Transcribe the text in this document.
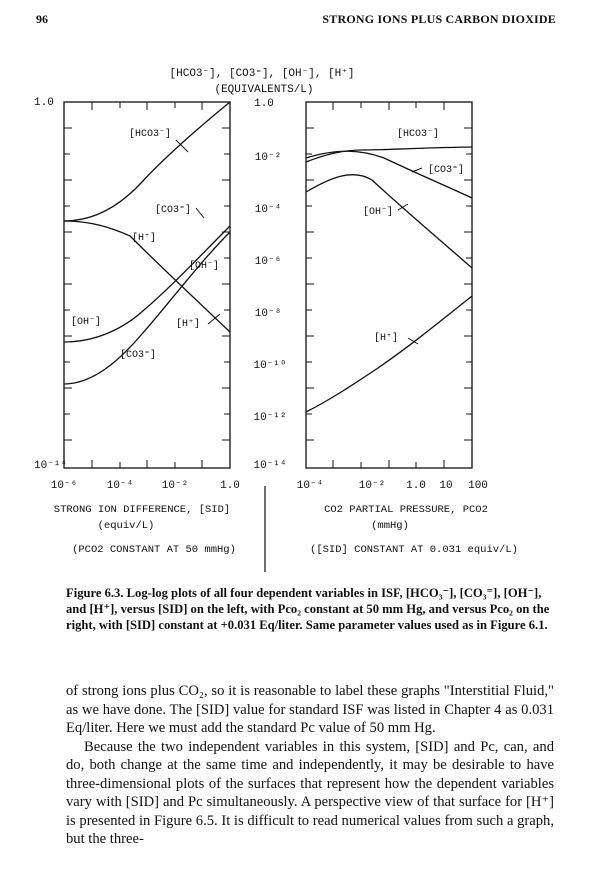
96	STRONG IONS PLUS CARBON DIOXIDE
[HCO3⁻], [CO3⁼], [OH⁻], [H⁺]
(EQUIVALENTS/L)
[HCO3⁻]
[CO3⁼]
[H⁺]
[OH⁻]
[OH⁻]	[H⁺]
[CO3⁼]
1.0
10⁻¹⁴
10⁻⁶	10⁻⁴	10⁻²	1.0
STRONG ION DIFFERENCE, [SID]
(equiv/L)
(PCO2 CONSTANT AT 50 mmHg)
1.0
10⁻²
10⁻⁴
10⁻⁶
10⁻⁸
10⁻¹⁰
10⁻¹²
10⁻¹⁴
[HCO3⁻]
[CO3⁼]
[OH⁻]
[H⁺]
10⁻⁴	10⁻² 1.0 10 100
CO2 PARTIAL PRESSURE, PCO2
(mmHg)
([SID] CONSTANT AT 0.031 equiv/L)
Figure 6.3. Log-log plots of all four dependent variables in ISF, [HCO₃⁻], [CO₃⁼], [OH⁻], and [H⁺], versus [SID] on the left, with Pco₂ constant at 50 mm Hg, and versus Pco₂ on the right, with [SID] constant at +0.031 Eq/liter. Same parameter values used as in Figure 6.1.

of strong ions plus CO₂, so it is reasonable to label these graphs "Interstitial Fluid," as we have done. The [SID] value for standard ISF was listed in Chapter 4 as 0.031 Eq/liter. Here we must add the standard Pc value of 50 mm Hg.

Because the two independent variables in this system, [SID] and Pc, can, and do, both change at the same time and independently, it may be desirable to have three-dimensional plots of the surfaces that represent how the dependent variables vary with [SID] and Pc simultaneously. A perspective view of that surface for [H⁺] is presented in Figure 6.5. It is difficult to read numerical values from such a graph, but the three-
